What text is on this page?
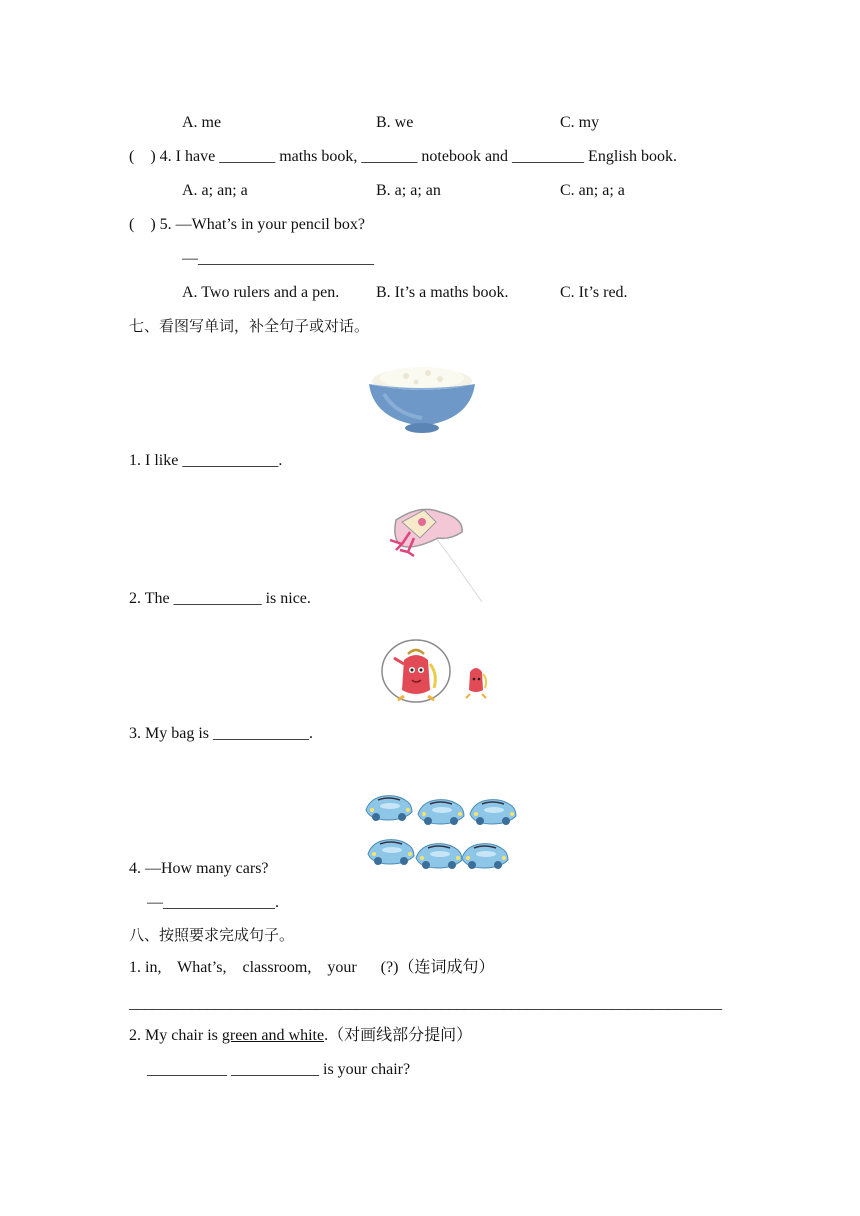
A. me	B. we	C. my
(    ) 4. I have _______ maths book, _______ notebook and _________ English book.
A. a; an; a	B. a; a; an	C. an; a; a
(    ) 5. —What’s in your pencil box?
—______________________
A. Two rulers and a pen. B. It’s a maths book.	C. It’s red.
七、看图写单词，补全句子或对话。
1. I like ____________.
2. The ___________ is nice.
3. My bag is ____________.
4. —How many cars?
—______________.
八、按照要求完成句子。
1. in,    What’s,    classroom,    your      (?)（连词成句）
____________________________________________________________________________
2. My chair is green and white.（对画线部分提问）
__________ ___________ is your chair?
